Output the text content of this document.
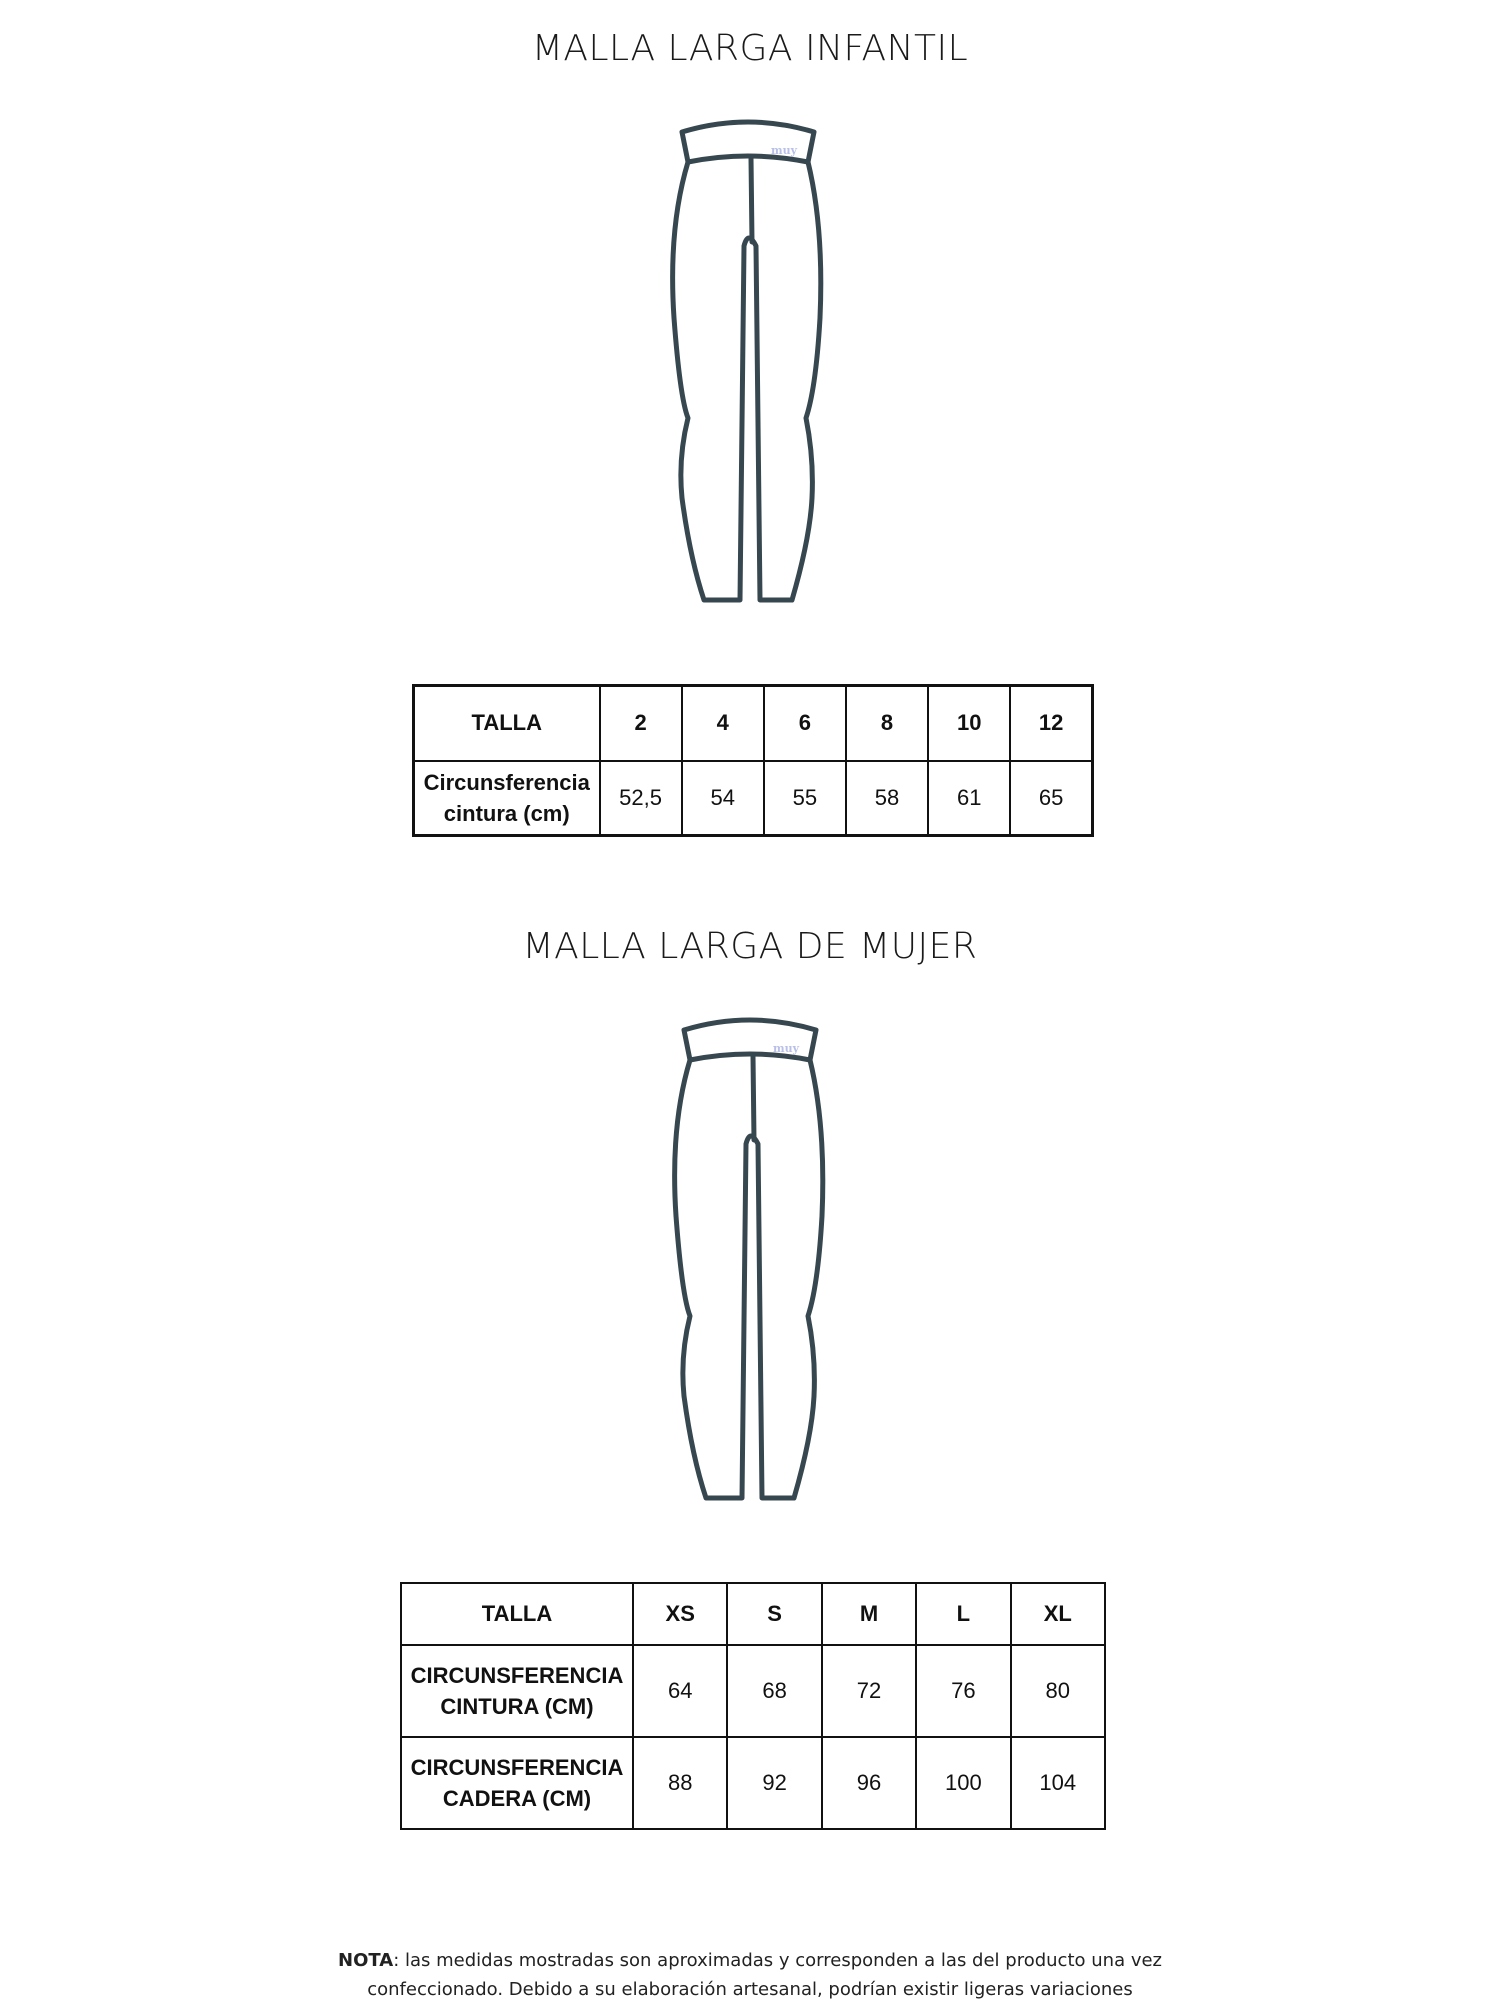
MALLA LARGA INFANTIL
muy
TALLA	2	4	6	8	10	12
Circunsferencia
cintura (cm)	52,5	54	55	58	61	65
MALLA LARGA DE MUJER
muy
TALLA	XS	S	M	L	XL
CIRCUNSFERENCIA
CINTURA (CM)	64	68	72	76	80
CIRCUNSFERENCIA
CADERA (CM)	88	92	96	100	104
NOTA: las medidas mostradas son aproximadas y corresponden a las del producto una vez
confeccionado. Debido a su elaboración artesanal, podrían existir ligeras variaciones
